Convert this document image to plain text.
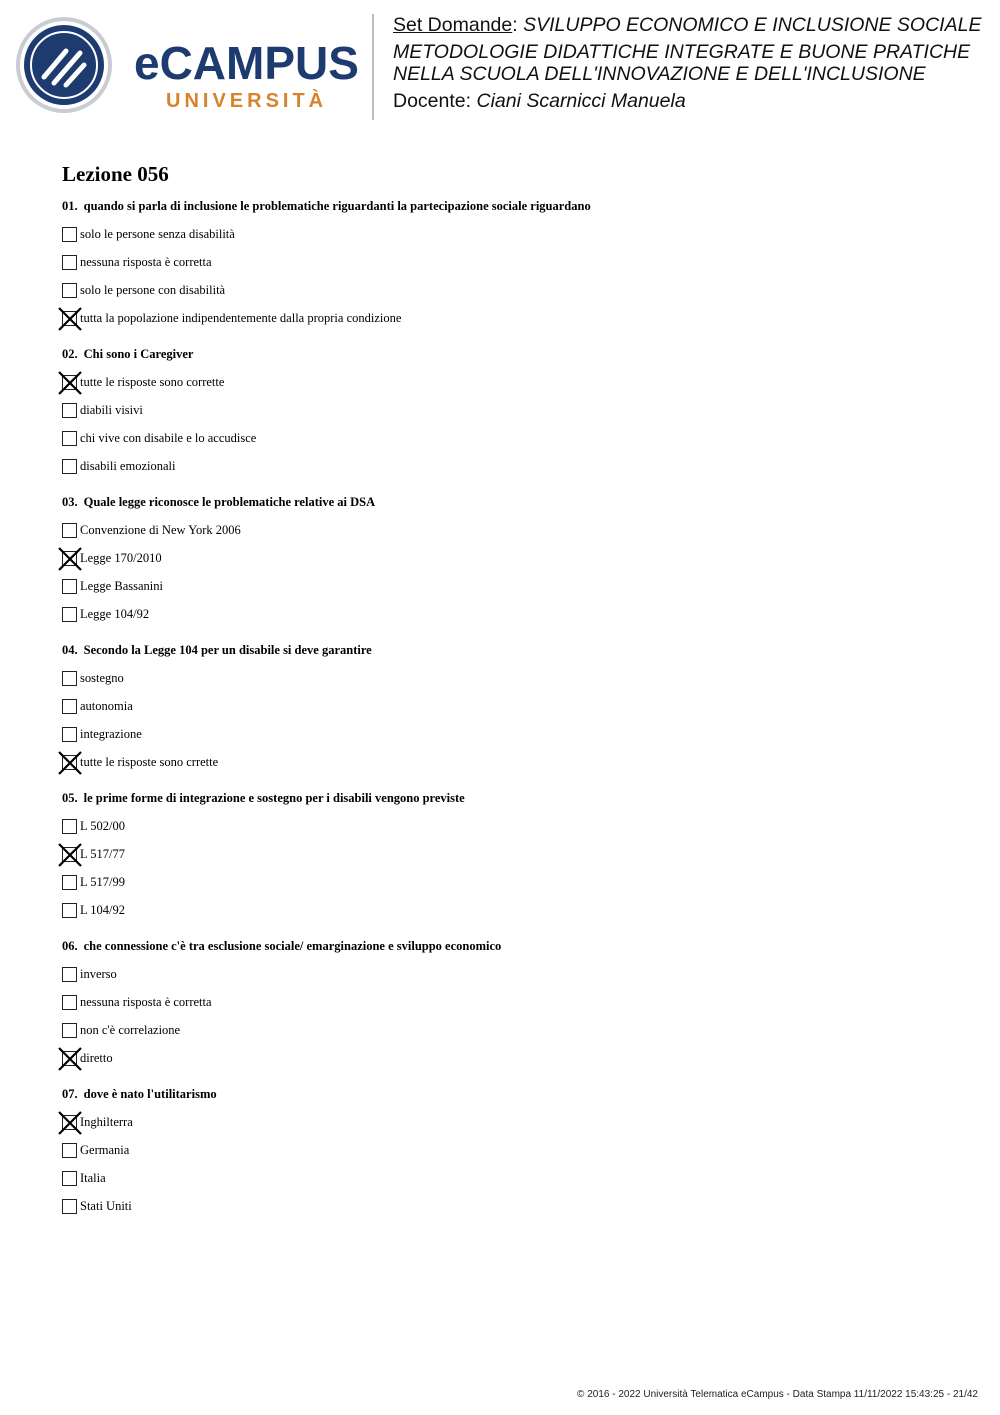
eCAMPUS
UNIVERSITÀ
Set Domande: SVILUPPO ECONOMICO E INCLUSIONE SOCIALE
METODOLOGIE DIDATTICHE INTEGRATE E BUONE PRATICHE
NELLA SCUOLA DELL'INNOVAZIONE E DELL'INCLUSIONE
Docente: Ciani Scarnicci Manuela
Lezione 056
01. quando si parla di inclusione le problematiche riguardanti la partecipazione sociale riguardano
solo le persone senza disabilità
nessuna risposta è corretta
solo le persone con disabilità
tutta la popolazione indipendentemente dalla propria condizione
02. Chi sono i Caregiver
tutte le risposte sono corrette
diabili visivi
chi vive con disabile e lo accudisce
disabili emozionali
03. Quale legge riconosce le problematiche relative ai DSA
Convenzione di New York 2006
Legge 170/2010
Legge Bassanini
Legge 104/92
04. Secondo la Legge 104 per un disabile si deve garantire
sostegno
autonomia
integrazione
tutte le risposte sono crrette
05. le prime forme di integrazione e sostegno per i disabili vengono previste
L 502/00
L 517/77
L 517/99
L 104/92
06. che connessione c'è tra esclusione sociale/ emarginazione e sviluppo economico
inverso
nessuna risposta è corretta
non c'è correlazione
diretto
07. dove è nato l'utilitarismo
Inghilterra
Germania
Italia
Stati Uniti
© 2016 - 2022 Università Telematica eCampus - Data Stampa 11/11/2022 15:43:25 - 21/42
